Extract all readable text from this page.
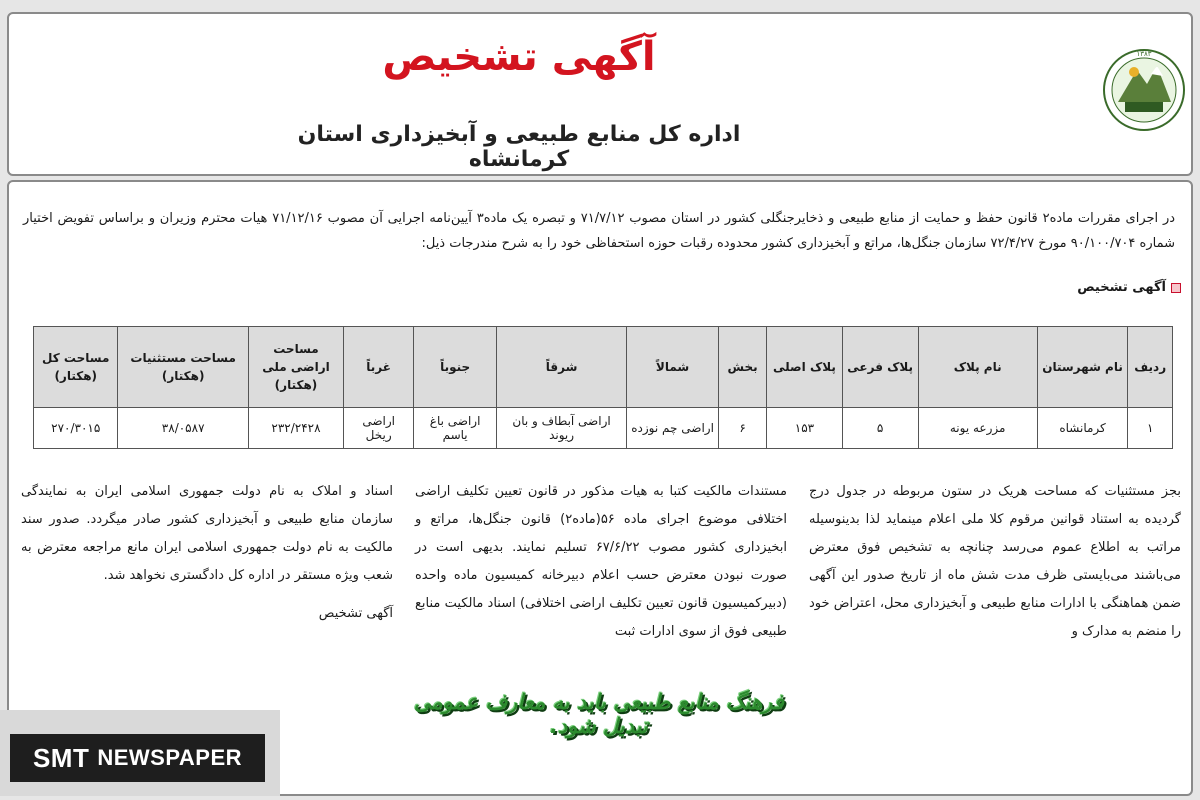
آگهی تشخیص
اداره کل منابع طبیعی و آبخیزداری استان کرمانشاه
۱۳۸۳
در اجرای مقررات ماده۲ قانون حفظ و حمایت از منابع طبیعی و ذخایرجنگلی کشور در استان مصوب ۷۱/۷/۱۲ و تبصره یک ماده۳ آیین‌نامه اجرایی آن مصوب ۷۱/۱۲/۱۶ هیات محترم وزیران و براساس تفویض اختیار شماره ۹۰/۱۰۰/۷۰۴ مورخ ۷۲/۴/۲۷ سازمان جنگل‌ها، مراتع و آبخیزداری کشور محدوده رقبات حوزه استحفاظی خود را به شرح مندرجات ذیل:
آگهی تشخیص
ردیف	نام شهرستان	نام پلاک	پلاک فرعی	پلاک اصلی	بخش	شمالاً	شرقاً	جنوباً	غرباً	مساحت اراضی ملی (هکتار)	مساحت مستثنیات (هکتار)	مساحت کل (هکتار)
۱	کرمانشاه	مزرعه یونه	۵	۱۵۳	۶	اراضی چم نوزده	اراضی آبطاف و بان ریوند	اراضی باغ یاسم	اراضی ریخل	۲۳۲/۲۴۲۸	۳۸/۰۵۸۷	۲۷۰/۳۰۱۵
بجز مستثنیات که مساحت هریک در ستون مربوطه در جدول درج گردیده به استناد قوانین مرقوم کلا ملی اعلام مینماید لذا بدینوسیله مراتب به اطلاع عموم می‌رسد چنانچه به تشخیص فوق معترض می‌باشند می‌بایستی ظرف مدت شش ماه از تاریخ صدور این آگهی ضمن هماهنگی با ادارات منابع طبیعی و آبخیزداری محل، اعتراض خود را منضم به مدارک و
مستندات مالکیت کتبا به هیات مذکور در قانون تعیین تکلیف اراضی اختلافی موضوع اجرای ماده ۵۶(ماده۲) قانون جنگل‌ها، مراتع و ابخیزداری کشور مصوب ۶۷/۶/۲۲ تسلیم نمایند. بدیهی است در صورت نبودن معترض حسب اعلام دبیرخانه کمیسیون ماده واحده (دبیرکمیسیون قانون تعیین تکلیف اراضی اختلافی) اسناد مالکیت منابع طبیعی فوق از سوی ادارات ثبت
اسناد و املاک به نام دولت جمهوری اسلامی ایران به نمایندگی سازمان منابع طبیعی و آبخیزداری کشور صادر میگردد. صدور سند مالکیت به نام دولت جمهوری اسلامی ایران مانع مراجعه معترض به شعب ویژه مستقر در اداره کل دادگستری نخواهد شد.
آگهی تشخیص
فرهنگ منابع طبیعی باید به معارف عمومی تبدیل شود.
SMT NEWSPAPER
